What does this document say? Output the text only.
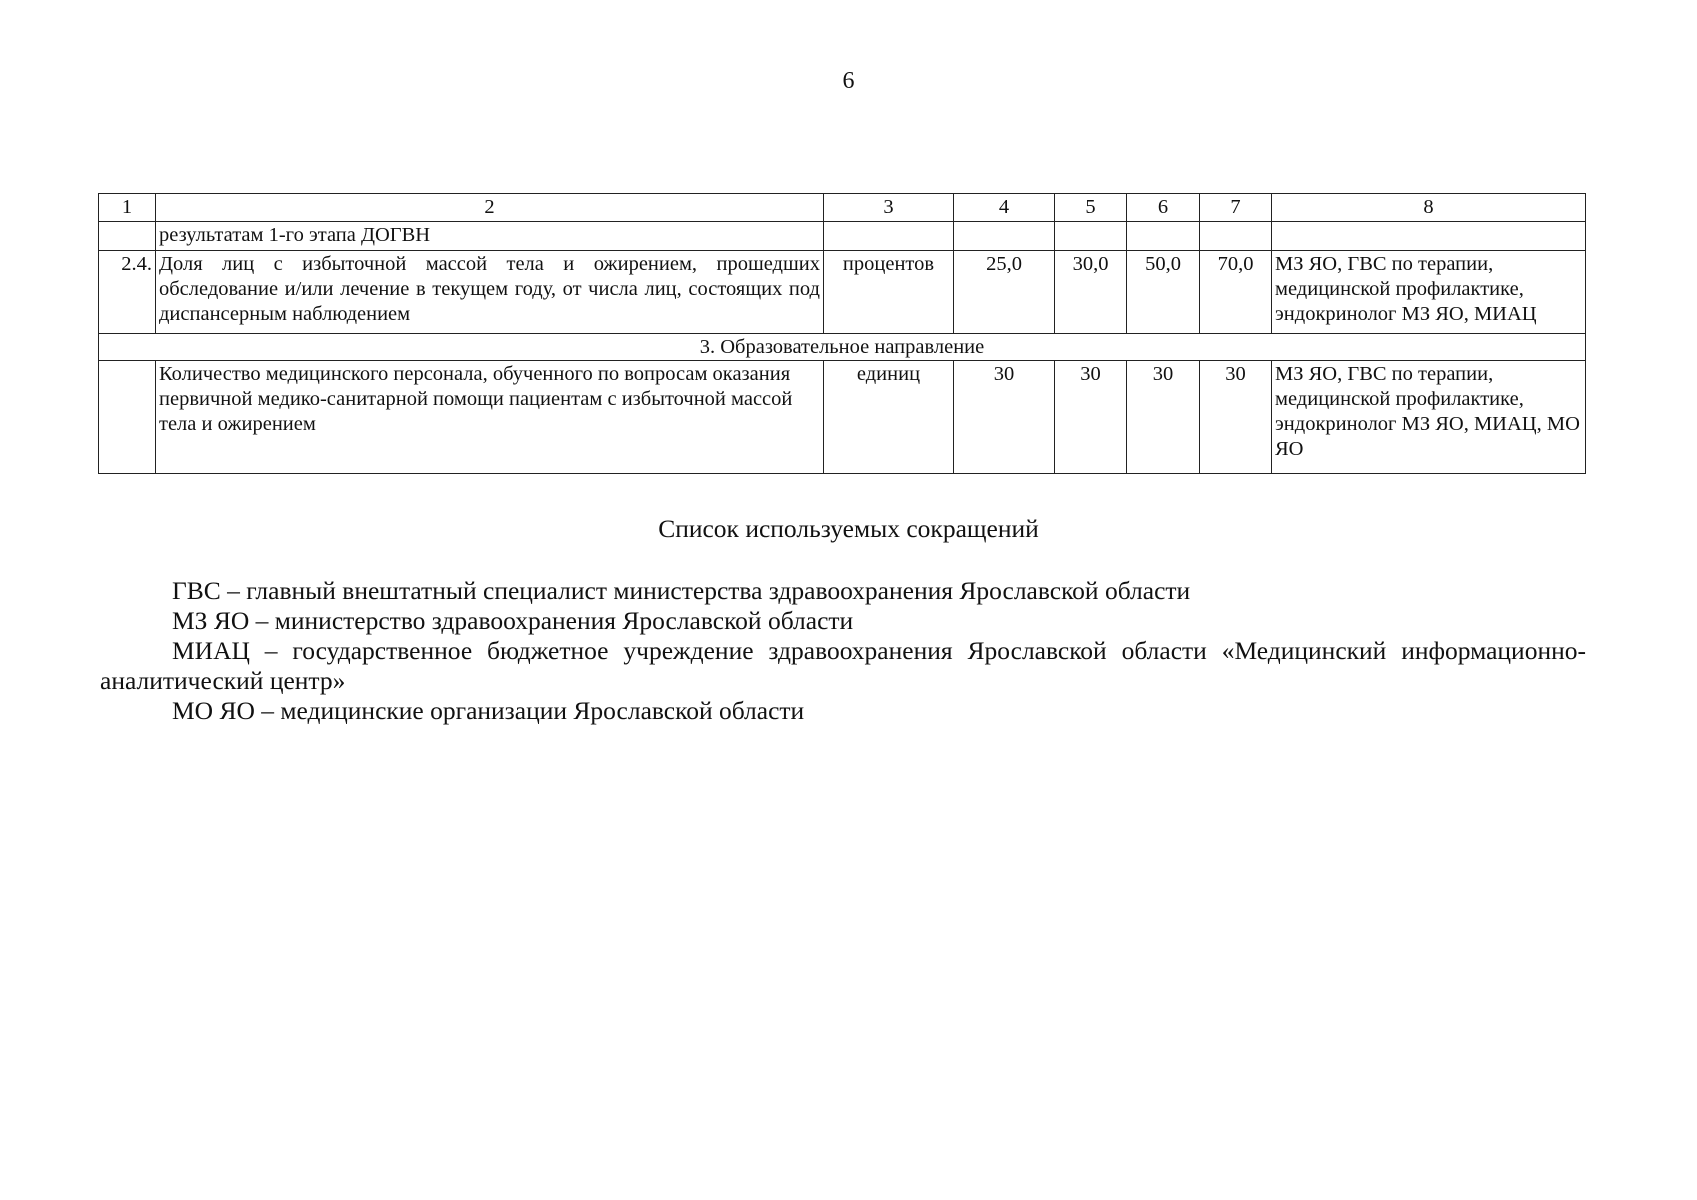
6
1	2	3	4	5	6	7	8
	результатам 1-го этапа ДОГВН						
2.4.	Доля лиц с избыточной массой тела и ожирением, прошедших обследование и/или лечение в текущем году, от числа лиц, состоящих под диспансерным наблюдением	процентов	25,0	30,0	50,0	70,0	МЗ ЯО, ГВС по терапии, медицинской профилактике, эндокринолог МЗ ЯО, МИАЦ
3. Образовательное направление							
	Количество медицинского персонала, обученного по вопросам оказания первичной медико-санитарной помощи пациентам с избыточной массой тела и ожирением	единиц	30	30	30	30	МЗ ЯО, ГВС по терапии, медицинской профилактике, эндокринолог МЗ ЯО, МИАЦ, МО ЯО
Список используемых сокращений

ГВС – главный внештатный специалист министерства здравоохранения Ярославской области

МЗ ЯО – министерство здравоохранения Ярославской области

МИАЦ – государственное бюджетное учреждение здравоохранения Ярославской области «Медицинский информационно-аналитический центр»

МО ЯО – медицинские организации Ярославской области
